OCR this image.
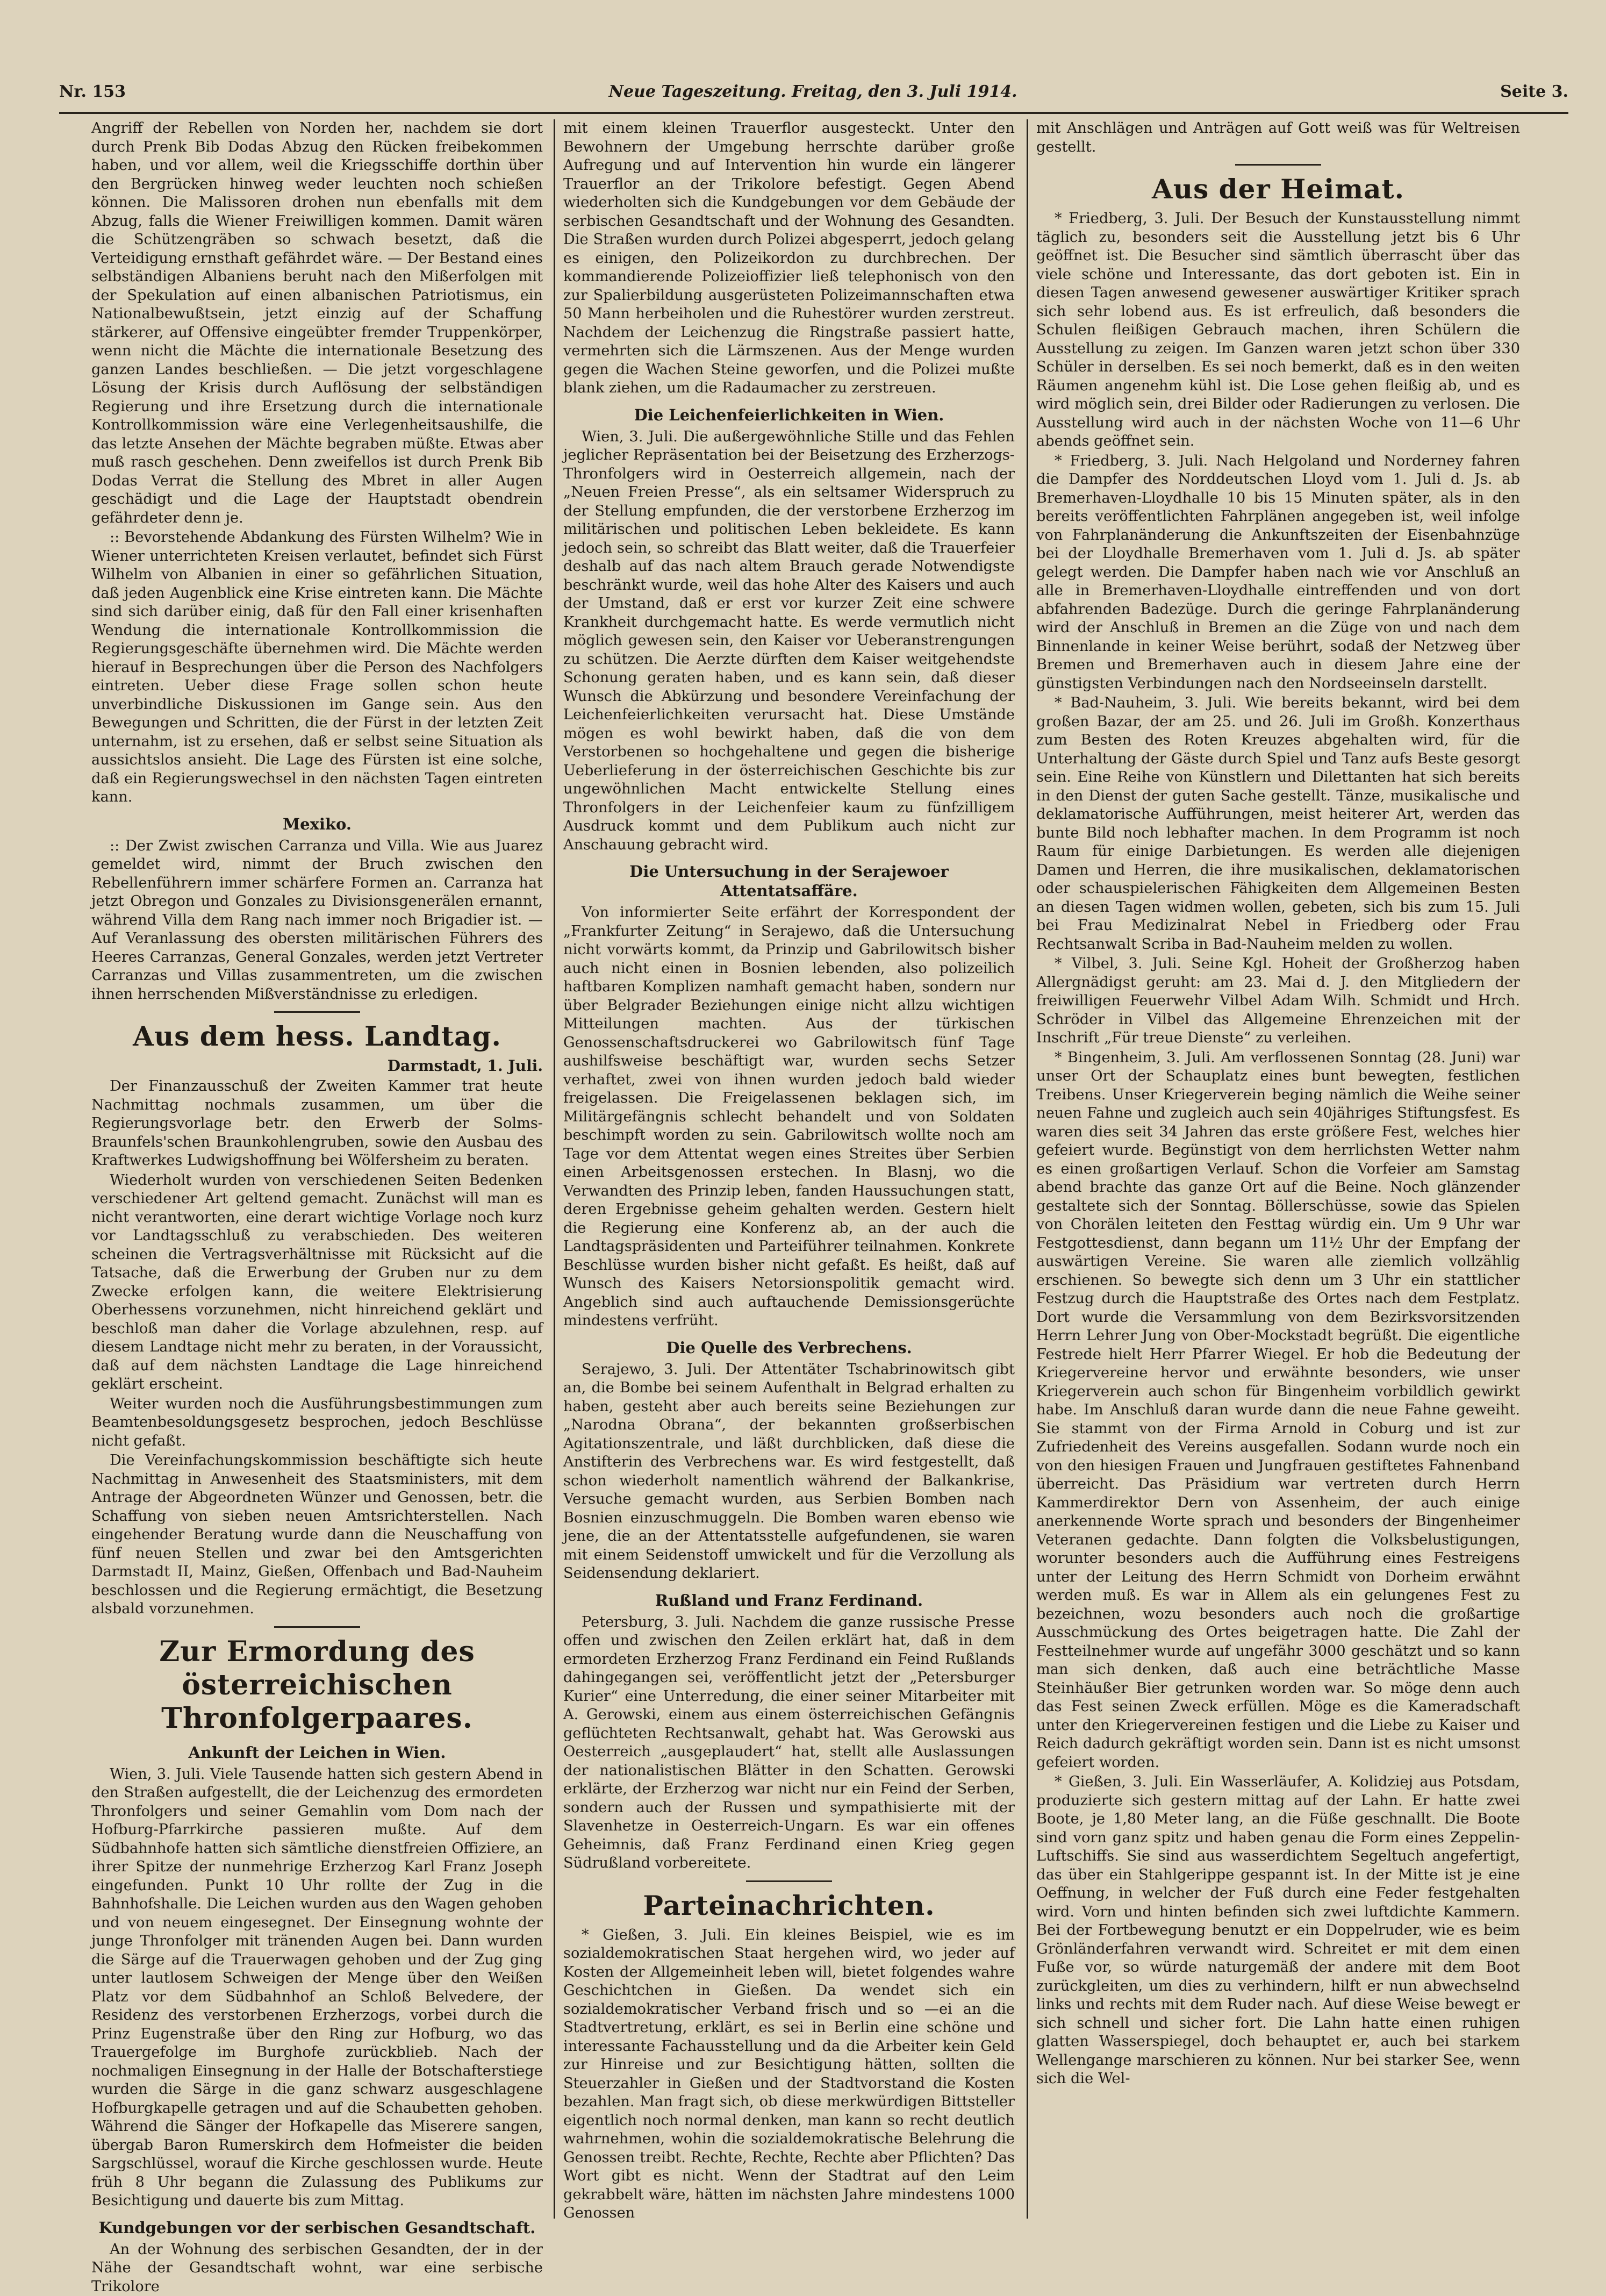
Nr. 153	Neue Tageszeitung. Freitag, den 3. Juli 1914.	Seite 3.

Angriff der Rebellen von Norden her, nachdem sie dort durch Prenk Bib Dodas Abzug den Rücken freibekommen haben, und vor allem, weil die Kriegsschiffe dorthin über den Bergrücken hinweg weder leuchten noch schießen können. Die Malissoren drohen nun ebenfalls mit dem Abzug, falls die Wiener Freiwilligen kommen. Damit wären die Schützengräben so schwach besetzt, daß die Verteidigung ernsthaft gefährdet wäre. — Der Bestand eines selbständigen Albaniens beruht nach den Mißerfolgen mit der Spekulation auf einen albanischen Patriotismus, ein Nationalbewußtsein, jetzt einzig auf der Schaffung stärkerer, auf Offensive eingeübter fremder Truppenkörper, wenn nicht die Mächte die internationale Besetzung des ganzen Landes beschließen. — Die jetzt vorgeschlagene Lösung der Krisis durch Auflösung der selbständigen Regierung und ihre Ersetzung durch die internationale Kontrollkommission wäre eine Verlegenheitsaushilfe, die das letzte Ansehen der Mächte begraben müßte. Etwas aber muß rasch geschehen. Denn zweifellos ist durch Prenk Bib Dodas Verrat die Stellung des Mbret in aller Augen geschädigt und die Lage der Hauptstadt obendrein gefährdeter denn je.

:: Bevorstehende Abdankung des Fürsten Wilhelm? Wie in Wiener unterrichteten Kreisen verlautet, befindet sich Fürst Wilhelm von Albanien in einer so gefährlichen Situation, daß jeden Augenblick eine Krise eintreten kann. Die Mächte sind sich darüber einig, daß für den Fall einer krisenhaften Wendung die internationale Kontrollkommission die Regierungsgeschäfte übernehmen wird. Die Mächte werden hierauf in Besprechungen über die Person des Nachfolgers eintreten. Ueber diese Frage sollen schon heute unverbindliche Diskussionen im Gange sein. Aus den Bewegungen und Schritten, die der Fürst in der letzten Zeit unternahm, ist zu ersehen, daß er selbst seine Situation als aussichtslos ansieht. Die Lage des Fürsten ist eine solche, daß ein Regierungswechsel in den nächsten Tagen eintreten kann.

Mexiko.

:: Der Zwist zwischen Carranza und Villa. Wie aus Juarez gemeldet wird, nimmt der Bruch zwischen den Rebellenführern immer schärfere Formen an. Carranza hat jetzt Obregon und Gonzales zu Divisionsgenerälen ernannt, während Villa dem Rang nach immer noch Brigadier ist. — Auf Veranlassung des obersten militärischen Führers des Heeres Carranzas, General Gonzales, werden jetzt Vertreter Carranzas und Villas zusammentreten, um die zwischen ihnen herrschenden Mißverständnisse zu erledigen.

Aus dem hess. Landtag.
Darmstadt, 1. Juli.

Der Finanzausschuß der Zweiten Kammer trat heute Nachmittag nochmals zusammen, um über die Regierungsvorlage betr. den Erwerb der Solms-Braunfels'schen Braunkohlengruben, sowie den Ausbau des Kraftwerkes Ludwigshoffnung bei Wölfersheim zu beraten.

Wiederholt wurden von verschiedenen Seiten Bedenken verschiedener Art geltend gemacht. Zunächst will man es nicht verantworten, eine derart wichtige Vorlage noch kurz vor Landtagsschluß zu verabschieden. Des weiteren scheinen die Vertragsverhältnisse mit Rücksicht auf die Tatsache, daß die Erwerbung der Gruben nur zu dem Zwecke erfolgen kann, die weitere Elektrisierung Oberhessens vorzunehmen, nicht hinreichend geklärt und beschloß man daher die Vorlage abzulehnen, resp. auf diesem Landtage nicht mehr zu beraten, in der Voraussicht, daß auf dem nächsten Landtage die Lage hinreichend geklärt erscheint.

Weiter wurden noch die Ausführungsbestimmungen zum Beamtenbesoldungsgesetz besprochen, jedoch Beschlüsse nicht gefaßt.

Die Vereinfachungskommission beschäftigte sich heute Nachmittag in Anwesenheit des Staatsministers, mit dem Antrage der Abgeordneten Wünzer und Genossen, betr. die Schaffung von sieben neuen Amtsrichterstellen. Nach eingehender Beratung wurde dann die Neuschaffung von fünf neuen Stellen und zwar bei den Amtsgerichten Darmstadt II, Mainz, Gießen, Offenbach und Bad-Nauheim beschlossen und die Regierung ermächtigt, die Besetzung alsbald vorzunehmen.

Zur Ermordung des österreichischen Thronfolgerpaares.
Ankunft der Leichen in Wien.

Wien, 3. Juli. Viele Tausende hatten sich gestern Abend in den Straßen aufgestellt, die der Leichenzug des ermordeten Thronfolgers und seiner Gemahlin vom Dom nach der Hofburg-Pfarrkirche passieren mußte. Auf dem Südbahnhofe hatten sich sämtliche dienstfreien Offiziere, an ihrer Spitze der nunmehrige Erzherzog Karl Franz Joseph eingefunden. Punkt 10 Uhr rollte der Zug in die Bahnhofshalle. Die Leichen wurden aus den Wagen gehoben und von neuem eingesegnet. Der Einsegnung wohnte der junge Thronfolger mit tränenden Augen bei. Dann wurden die Särge auf die Trauerwagen gehoben und der Zug ging unter lautlosem Schweigen der Menge über den Weißen Platz vor dem Südbahnhof an Schloß Belvedere, der Residenz des verstorbenen Erzherzogs, vorbei durch die Prinz Eugenstraße über den Ring zur Hofburg, wo das Trauergefolge im Burghofe zurückblieb. Nach der nochmaligen Einsegnung in der Halle der Botschafterstiege wurden die Särge in die ganz schwarz ausgeschlagene Hofburgkapelle getragen und auf die Schaubetten gehoben. Während die Sänger der Hofkapelle das Miserere sangen, übergab Baron Rumerskirch dem Hofmeister die beiden Sargschlüssel, worauf die Kirche geschlossen wurde. Heute früh 8 Uhr begann die Zulassung des Publikums zur Besichtigung und dauerte bis zum Mittag.

Kundgebungen vor der serbischen Gesandtschaft.

An der Wohnung des serbischen Gesandten, der in der Nähe der Gesandtschaft wohnt, war eine serbische Trikolore

mit einem kleinen Trauerflor ausgesteckt. Unter den Bewohnern der Umgebung herrschte darüber große Aufregung und auf Intervention hin wurde ein längerer Trauerflor an der Trikolore befestigt. Gegen Abend wiederholten sich die Kundgebungen vor dem Gebäude der serbischen Gesandtschaft und der Wohnung des Gesandten. Die Straßen wurden durch Polizei abgesperrt, jedoch gelang es einigen, den Polizeikordon zu durchbrechen. Der kommandierende Polizeioffizier ließ telephonisch von den zur Spalierbildung ausgerüsteten Polizeimannschaften etwa 50 Mann herbeiholen und die Ruhestörer wurden zerstreut. Nachdem der Leichenzug die Ringstraße passiert hatte, vermehrten sich die Lärmszenen. Aus der Menge wurden gegen die Wachen Steine geworfen, und die Polizei mußte blank ziehen, um die Radaumacher zu zerstreuen.

Die Leichenfeierlichkeiten in Wien.

Wien, 3. Juli. Die außergewöhnliche Stille und das Fehlen jeglicher Repräsentation bei der Beisetzung des Erzherzogs-Thronfolgers wird in Oesterreich allgemein, nach der „Neuen Freien Presse“, als ein seltsamer Widerspruch zu der Stellung empfunden, die der verstorbene Erzherzog im militärischen und politischen Leben bekleidete. Es kann jedoch sein, so schreibt das Blatt weiter, daß die Trauerfeier deshalb auf das nach altem Brauch gerade Notwendigste beschränkt wurde, weil das hohe Alter des Kaisers und auch der Umstand, daß er erst vor kurzer Zeit eine schwere Krankheit durchgemacht hatte. Es werde vermutlich nicht möglich gewesen sein, den Kaiser vor Ueberanstrengungen zu schützen. Die Aerzte dürften dem Kaiser weitgehendste Schonung geraten haben, und es kann sein, daß dieser Wunsch die Abkürzung und besondere Vereinfachung der Leichenfeierlichkeiten verursacht hat. Diese Umstände mögen es wohl bewirkt haben, daß die von dem Verstorbenen so hochgehaltene und gegen die bisherige Ueberlieferung in der österreichischen Geschichte bis zur ungewöhnlichen Macht entwickelte Stellung eines Thronfolgers in der Leichenfeier kaum zu fünfzilligem Ausdruck kommt und dem Publikum auch nicht zur Anschauung gebracht wird.

Die Untersuchung in der Serajewoer Attentatsaffäre.

Von informierter Seite erfährt der Korrespondent der „Frankfurter Zeitung“ in Serajewo, daß die Untersuchung nicht vorwärts kommt, da Prinzip und Gabrilowitsch bisher auch nicht einen in Bosnien lebenden, also polizeilich haftbaren Komplizen namhaft gemacht haben, sondern nur über Belgrader Beziehungen einige nicht allzu wichtigen Mitteilungen machten. Aus der türkischen Genossenschaftsdruckerei wo Gabrilowitsch fünf Tage aushilfsweise beschäftigt war, wurden sechs Setzer verhaftet, zwei von ihnen wurden jedoch bald wieder freigelassen. Die Freigelassenen beklagen sich, im Militärgefängnis schlecht behandelt und von Soldaten beschimpft worden zu sein. Gabrilowitsch wollte noch am Tage vor dem Attentat wegen eines Streites über Serbien einen Arbeitsgenossen erstechen. In Blasnj, wo die Verwandten des Prinzip leben, fanden Haussuchungen statt, deren Ergebnisse geheim gehalten werden. Gestern hielt die Regierung eine Konferenz ab, an der auch die Landtagspräsidenten und Parteiführer teilnahmen. Konkrete Beschlüsse wurden bisher nicht gefaßt. Es heißt, daß auf Wunsch des Kaisers Netorsionspolitik gemacht wird. Angeblich sind auch auftauchende Demissionsgerüchte mindestens verfrüht.

Die Quelle des Verbrechens.

Serajewo, 3. Juli. Der Attentäter Tschabrinowitsch gibt an, die Bombe bei seinem Aufenthalt in Belgrad erhalten zu haben, gesteht aber auch bereits seine Beziehungen zur „Narodna Obrana“, der bekannten großserbischen Agitationszentrale, und läßt durchblicken, daß diese die Anstifterin des Verbrechens war. Es wird festgestellt, daß schon wiederholt namentlich während der Balkankrise, Versuche gemacht wurden, aus Serbien Bomben nach Bosnien einzuschmuggeln. Die Bomben waren ebenso wie jene, die an der Attentatsstelle aufgefundenen, sie waren mit einem Seidenstoff umwickelt und für die Verzollung als Seidensendung deklariert.

Rußland und Franz Ferdinand.

Petersburg, 3. Juli. Nachdem die ganze russische Presse offen und zwischen den Zeilen erklärt hat, daß in dem ermordeten Erzherzog Franz Ferdinand ein Feind Rußlands dahingegangen sei, veröffentlicht jetzt der „Petersburger Kurier“ eine Unterredung, die einer seiner Mitarbeiter mit A. Gerowski, einem aus einem österreichischen Gefängnis geflüchteten Rechtsanwalt, gehabt hat. Was Gerowski aus Oesterreich „ausgeplaudert“ hat, stellt alle Auslassungen der nationalistischen Blätter in den Schatten. Gerowski erklärte, der Erzherzog war nicht nur ein Feind der Serben, sondern auch der Russen und sympathisierte mit der Slavenhetze in Oesterreich-Ungarn. Es war ein offenes Geheimnis, daß Franz Ferdinand einen Krieg gegen Südrußland vorbereitete.

Parteinachrichten.

* Gießen, 3. Juli. Ein kleines Beispiel, wie es im sozialdemokratischen Staat hergehen wird, wo jeder auf Kosten der Allgemeinheit leben will, bietet folgendes wahre Geschichtchen in Gießen. Da wendet sich ein sozialdemokratischer Verband frisch und so —ei an die Stadtvertretung, erklärt, es sei in Berlin eine schöne und interessante Fachausstellung und da die Arbeiter kein Geld zur Hinreise und zur Besichtigung hätten, sollten die Steuerzahler in Gießen und der Stadtvorstand die Kosten bezahlen. Man fragt sich, ob diese merkwürdigen Bittsteller eigentlich noch normal denken, man kann so recht deutlich wahrnehmen, wohin die sozialdemokratische Belehrung die Genossen treibt. Rechte, Rechte, Rechte aber Pflichten? Das Wort gibt es nicht. Wenn der Stadtrat auf den Leim gekrabbelt wäre, hätten im nächsten Jahre mindestens 1000 Genossen

mit Anschlägen und Anträgen auf Gott weiß was für Weltreisen gestellt.

Aus der Heimat.

* Friedberg, 3. Juli. Der Besuch der Kunstausstellung nimmt täglich zu, besonders seit die Ausstellung jetzt bis 6 Uhr geöffnet ist. Die Besucher sind sämtlich überrascht über das viele schöne und Interessante, das dort geboten ist. Ein in diesen Tagen anwesend gewesener auswärtiger Kritiker sprach sich sehr lobend aus. Es ist erfreulich, daß besonders die Schulen fleißigen Gebrauch machen, ihren Schülern die Ausstellung zu zeigen. Im Ganzen waren jetzt schon über 330 Schüler in derselben. Es sei noch bemerkt, daß es in den weiten Räumen angenehm kühl ist. Die Lose gehen fleißig ab, und es wird möglich sein, drei Bilder oder Radierungen zu verlosen. Die Ausstellung wird auch in der nächsten Woche von 11—6 Uhr abends geöffnet sein.

* Friedberg, 3. Juli. Nach Helgoland und Norderney fahren die Dampfer des Norddeutschen Lloyd vom 1. Juli d. Js. ab Bremerhaven-Lloydhalle 10 bis 15 Minuten später, als in den bereits veröffentlichten Fahrplänen angegeben ist, weil infolge von Fahrplanänderung die Ankunftszeiten der Eisenbahnzüge bei der Lloydhalle Bremerhaven vom 1. Juli d. Js. ab später gelegt werden. Die Dampfer haben nach wie vor Anschluß an alle in Bremerhaven-Lloydhalle eintreffenden und von dort abfahrenden Badezüge. Durch die geringe Fahrplanänderung wird der Anschluß in Bremen an die Züge von und nach dem Binnenlande in keiner Weise berührt, sodaß der Netzweg über Bremen und Bremerhaven auch in diesem Jahre eine der günstigsten Verbindungen nach den Nordseeinseln darstellt.

* Bad-Nauheim, 3. Juli. Wie bereits bekannt, wird bei dem großen Bazar, der am 25. und 26. Juli im Großh. Konzerthaus zum Besten des Roten Kreuzes abgehalten wird, für die Unterhaltung der Gäste durch Spiel und Tanz aufs Beste gesorgt sein. Eine Reihe von Künstlern und Dilettanten hat sich bereits in den Dienst der guten Sache gestellt. Tänze, musikalische und deklamatorische Aufführungen, meist heiterer Art, werden das bunte Bild noch lebhafter machen. In dem Programm ist noch Raum für einige Darbietungen. Es werden alle diejenigen Damen und Herren, die ihre musikalischen, deklamatorischen oder schauspielerischen Fähigkeiten dem Allgemeinen Besten an diesen Tagen widmen wollen, gebeten, sich bis zum 15. Juli bei Frau Medizinalrat Nebel in Friedberg oder Frau Rechtsanwalt Scriba in Bad-Nauheim melden zu wollen.

* Vilbel, 3. Juli. Seine Kgl. Hoheit der Großherzog haben Allergnädigst geruht: am 23. Mai d. J. den Mitgliedern der freiwilligen Feuerwehr Vilbel Adam Wilh. Schmidt und Hrch. Schröder in Vilbel das Allgemeine Ehrenzeichen mit der Inschrift „Für treue Dienste“ zu verleihen.

* Bingenheim, 3. Juli. Am verflossenen Sonntag (28. Juni) war unser Ort der Schauplatz eines bunt bewegten, festlichen Treibens. Unser Kriegerverein beging nämlich die Weihe seiner neuen Fahne und zugleich auch sein 40jähriges Stiftungsfest. Es waren dies seit 34 Jahren das erste größere Fest, welches hier gefeiert wurde. Begünstigt von dem herrlichsten Wetter nahm es einen großartigen Verlauf. Schon die Vorfeier am Samstag abend brachte das ganze Ort auf die Beine. Noch glänzender gestaltete sich der Sonntag. Böllerschüsse, sowie das Spielen von Chorälen leiteten den Festtag würdig ein. Um 9 Uhr war Festgottesdienst, dann begann um 11½ Uhr der Empfang der auswärtigen Vereine. Sie waren alle ziemlich vollzählig erschienen. So bewegte sich denn um 3 Uhr ein stattlicher Festzug durch die Hauptstraße des Ortes nach dem Festplatz. Dort wurde die Versammlung von dem Bezirksvorsitzenden Herrn Lehrer Jung von Ober-Mockstadt begrüßt. Die eigentliche Festrede hielt Herr Pfarrer Wiegel. Er hob die Bedeutung der Kriegervereine hervor und erwähnte besonders, wie unser Kriegerverein auch schon für Bingenheim vorbildlich gewirkt habe. Im Anschluß daran wurde dann die neue Fahne geweiht. Sie stammt von der Firma Arnold in Coburg und ist zur Zufriedenheit des Vereins ausgefallen. Sodann wurde noch ein von den hiesigen Frauen und Jungfrauen gestiftetes Fahnenband überreicht. Das Präsidium war vertreten durch Herrn Kammerdirektor Dern von Assenheim, der auch einige anerkennende Worte sprach und besonders der Bingenheimer Veteranen gedachte. Dann folgten die Volksbelustigungen, worunter besonders auch die Aufführung eines Festreigens unter der Leitung des Herrn Schmidt von Dorheim erwähnt werden muß. Es war in Allem als ein gelungenes Fest zu bezeichnen, wozu besonders auch noch die großartige Ausschmückung des Ortes beigetragen hatte. Die Zahl der Festteilnehmer wurde auf ungefähr 3000 geschätzt und so kann man sich denken, daß auch eine beträchtliche Masse Steinhäußer Bier getrunken worden war. So möge denn auch das Fest seinen Zweck erfüllen. Möge es die Kameradschaft unter den Kriegervereinen festigen und die Liebe zu Kaiser und Reich dadurch gekräftigt worden sein. Dann ist es nicht umsonst gefeiert worden.

* Gießen, 3. Juli. Ein Wasserläufer, A. Kolidziej aus Potsdam, produzierte sich gestern mittag auf der Lahn. Er hatte zwei Boote, je 1,80 Meter lang, an die Füße geschnallt. Die Boote sind vorn ganz spitz und haben genau die Form eines Zeppelin-Luftschiffs. Sie sind aus wasserdichtem Segeltuch angefertigt, das über ein Stahlgerippe gespannt ist. In der Mitte ist je eine Oeffnung, in welcher der Fuß durch eine Feder festgehalten wird. Vorn und hinten befinden sich zwei luftdichte Kammern. Bei der Fortbewegung benutzt er ein Doppelruder, wie es beim Grönländerfahren verwandt wird. Schreitet er mit dem einen Fuße vor, so würde naturgemäß der andere mit dem Boot zurückgleiten, um dies zu verhindern, hilft er nun abwechselnd links und rechts mit dem Ruder nach. Auf diese Weise bewegt er sich schnell und sicher fort. Die Lahn hatte einen ruhigen glatten Wasserspiegel, doch behauptet er, auch bei starkem Wellengange marschieren zu können. Nur bei starker See, wenn sich die Wel-
